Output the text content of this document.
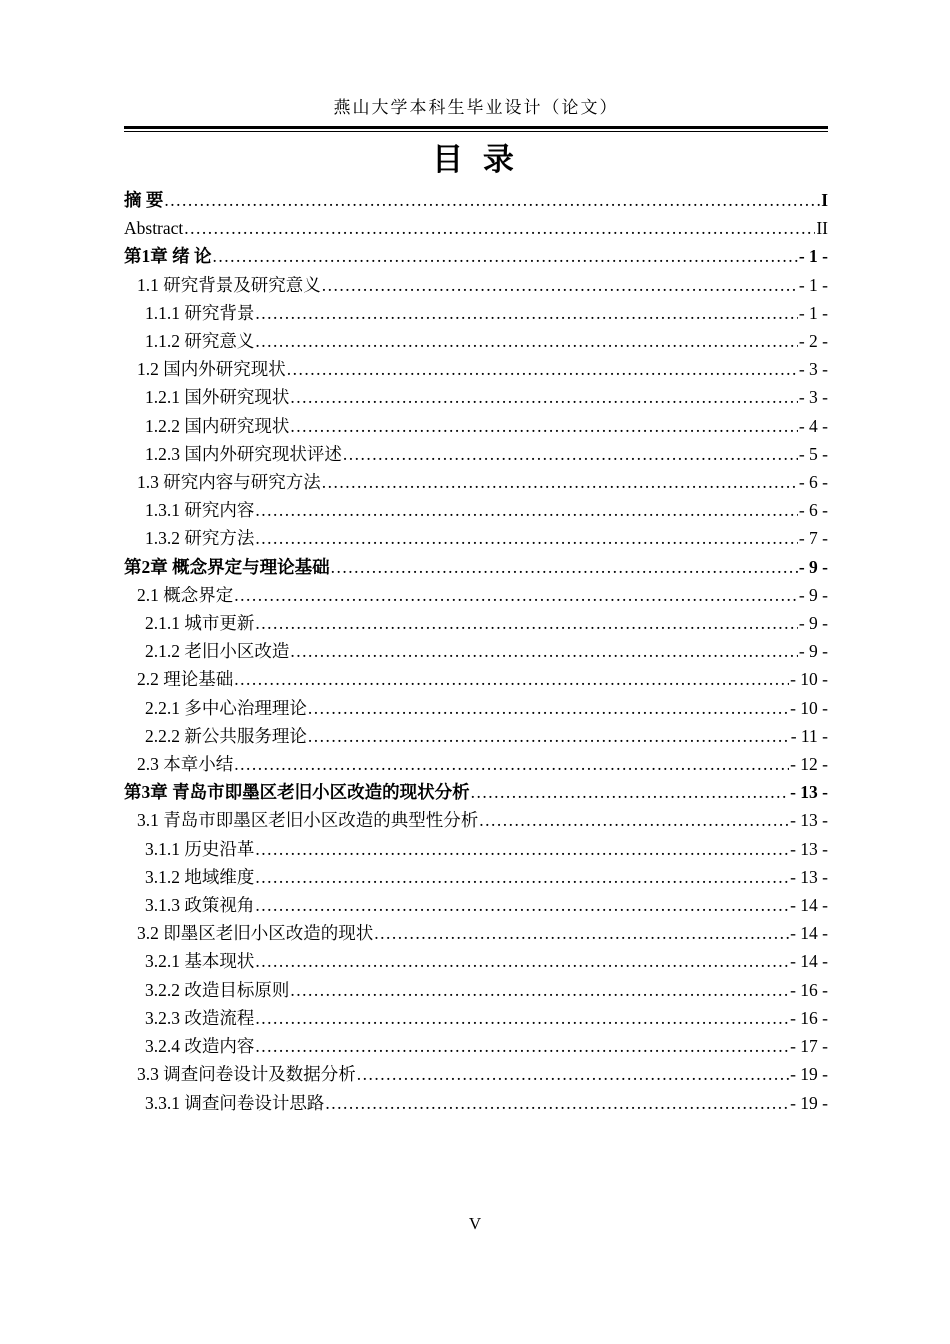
燕山大学本科生毕业设计（论文）
目 录
摘 要 .....	I
Abstract .....	II
第1章 绪 论 .....	- 1 -
1.1 研究背景及研究意义 .....	- 1 -
1.1.1 研究背景 .....	- 1 -
1.1.2 研究意义 .....	- 2 -
1.2 国内外研究现状 .....	- 3 -
1.2.1 国外研究现状 .....	- 3 -
1.2.2 国内研究现状 .....	- 4 -
1.2.3 国内外研究现状评述 .....	- 5 -
1.3 研究内容与研究方法 .....	- 6 -
1.3.1 研究内容 .....	- 6 -
1.3.2 研究方法 .....	- 7 -
第2章 概念界定与理论基础 .....	- 9 -
2.1 概念界定 .....	- 9 -
2.1.1 城市更新 .....	- 9 -
2.1.2 老旧小区改造 .....	- 9 -
2.2 理论基础 .....	- 10 -
2.2.1 多中心治理理论 .....	- 10 -
2.2.2 新公共服务理论 .....	- 11 -
2.3 本章小结 .....	- 12 -
第3章 青岛市即墨区老旧小区改造的现状分析 .....	- 13 -
3.1 青岛市即墨区老旧小区改造的典型性分析 .....	- 13 -
3.1.1 历史沿革 .....	- 13 -
3.1.2 地域维度 .....	- 13 -
3.1.3 政策视角 .....	- 14 -
3.2 即墨区老旧小区改造的现状 .....	- 14 -
3.2.1 基本现状 .....	- 14 -
3.2.2 改造目标原则 .....	- 16 -
3.2.3 改造流程 .....	- 16 -
3.2.4 改造内容 .....	- 17 -
3.3 调查问卷设计及数据分析 .....	- 19 -
3.3.1 调查问卷设计思路 .....	- 19 -
V
